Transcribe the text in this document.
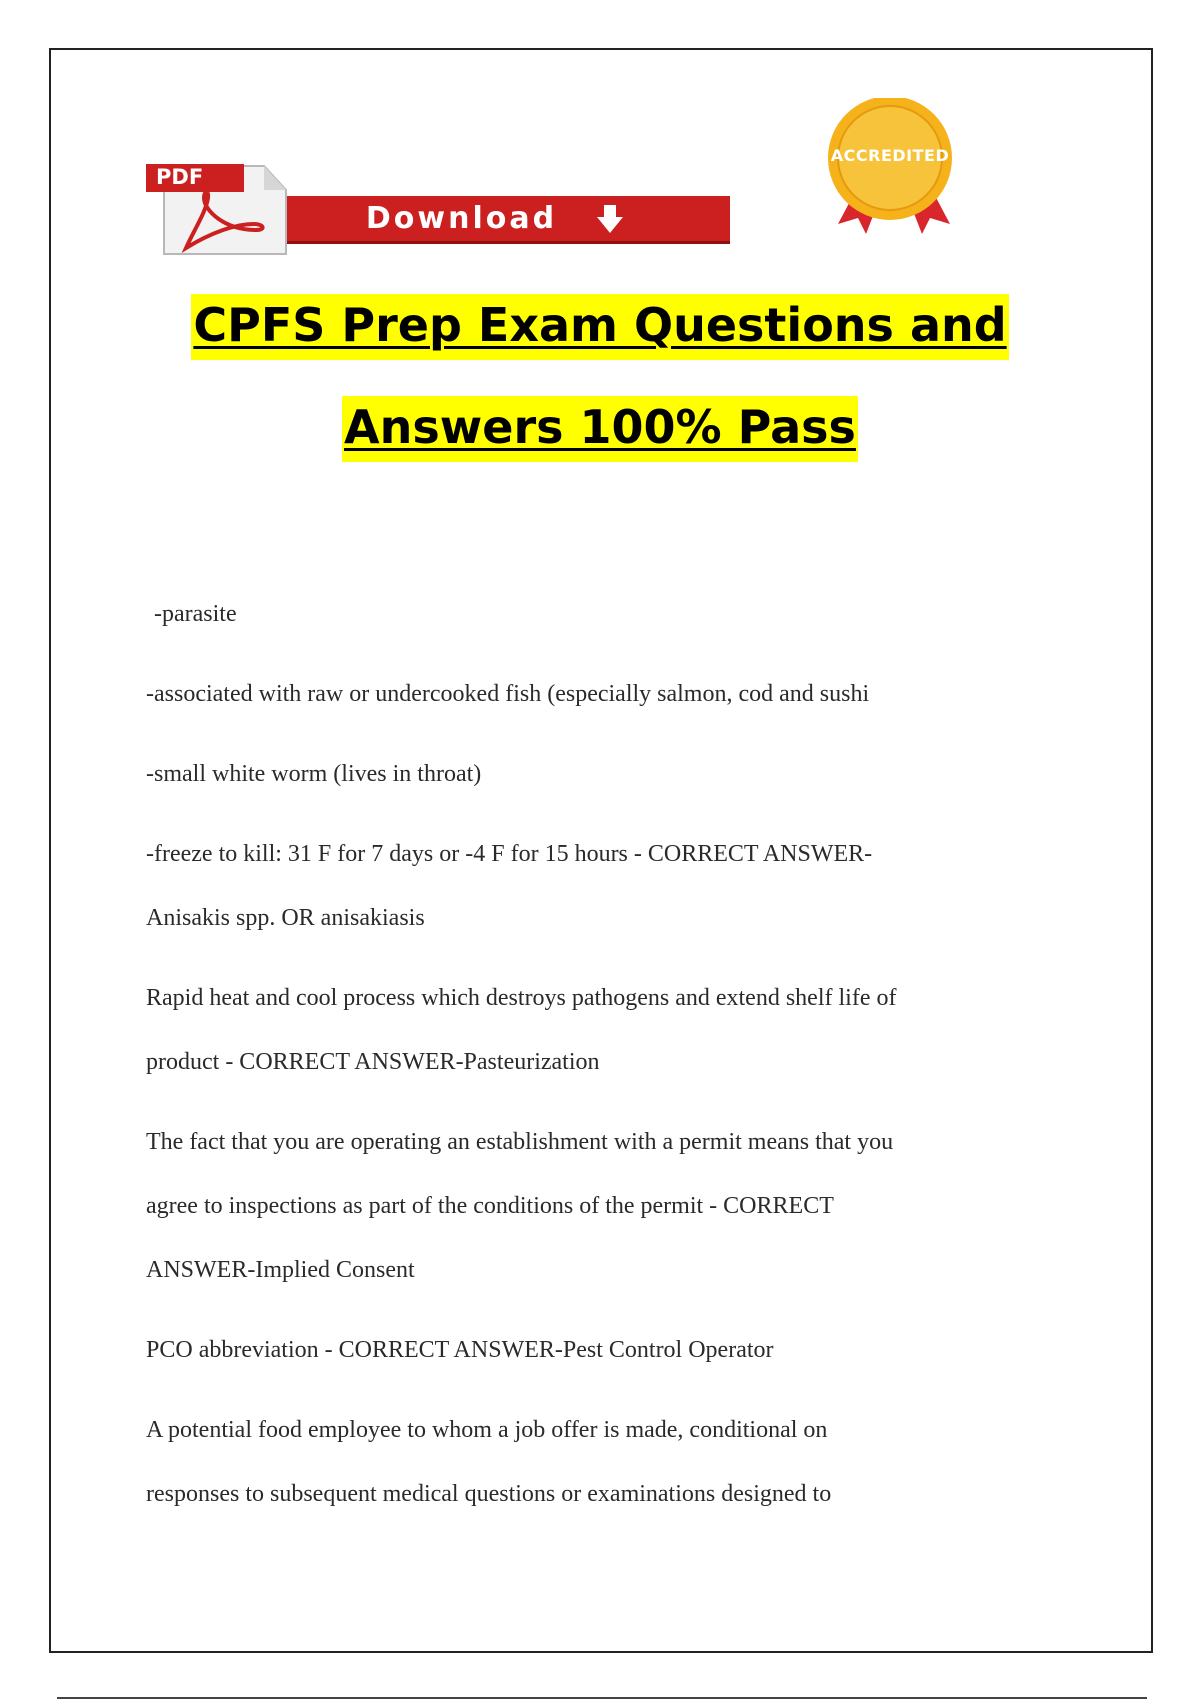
Download
PDF
ACCREDITED
CPFS Prep Exam Questions and
Answers 100% Pass

-parasite

-associated with raw or undercooked fish (especially salmon, cod and sushi

-small white worm (lives in throat)

-freeze to kill: 31 F for 7 days or -4 F for 15 hours - CORRECT ANSWER-
Anisakis spp. OR anisakiasis

Rapid heat and cool process which destroys pathogens and extend shelf life of
product - CORRECT ANSWER-Pasteurization

The fact that you are operating an establishment with a permit means that you
agree to inspections as part of the conditions of the permit - CORRECT
ANSWER-Implied Consent

PCO abbreviation - CORRECT ANSWER-Pest Control Operator

A potential food employee to whom a job offer is made, conditional on
responses to subsequent medical questions or examinations designed to
